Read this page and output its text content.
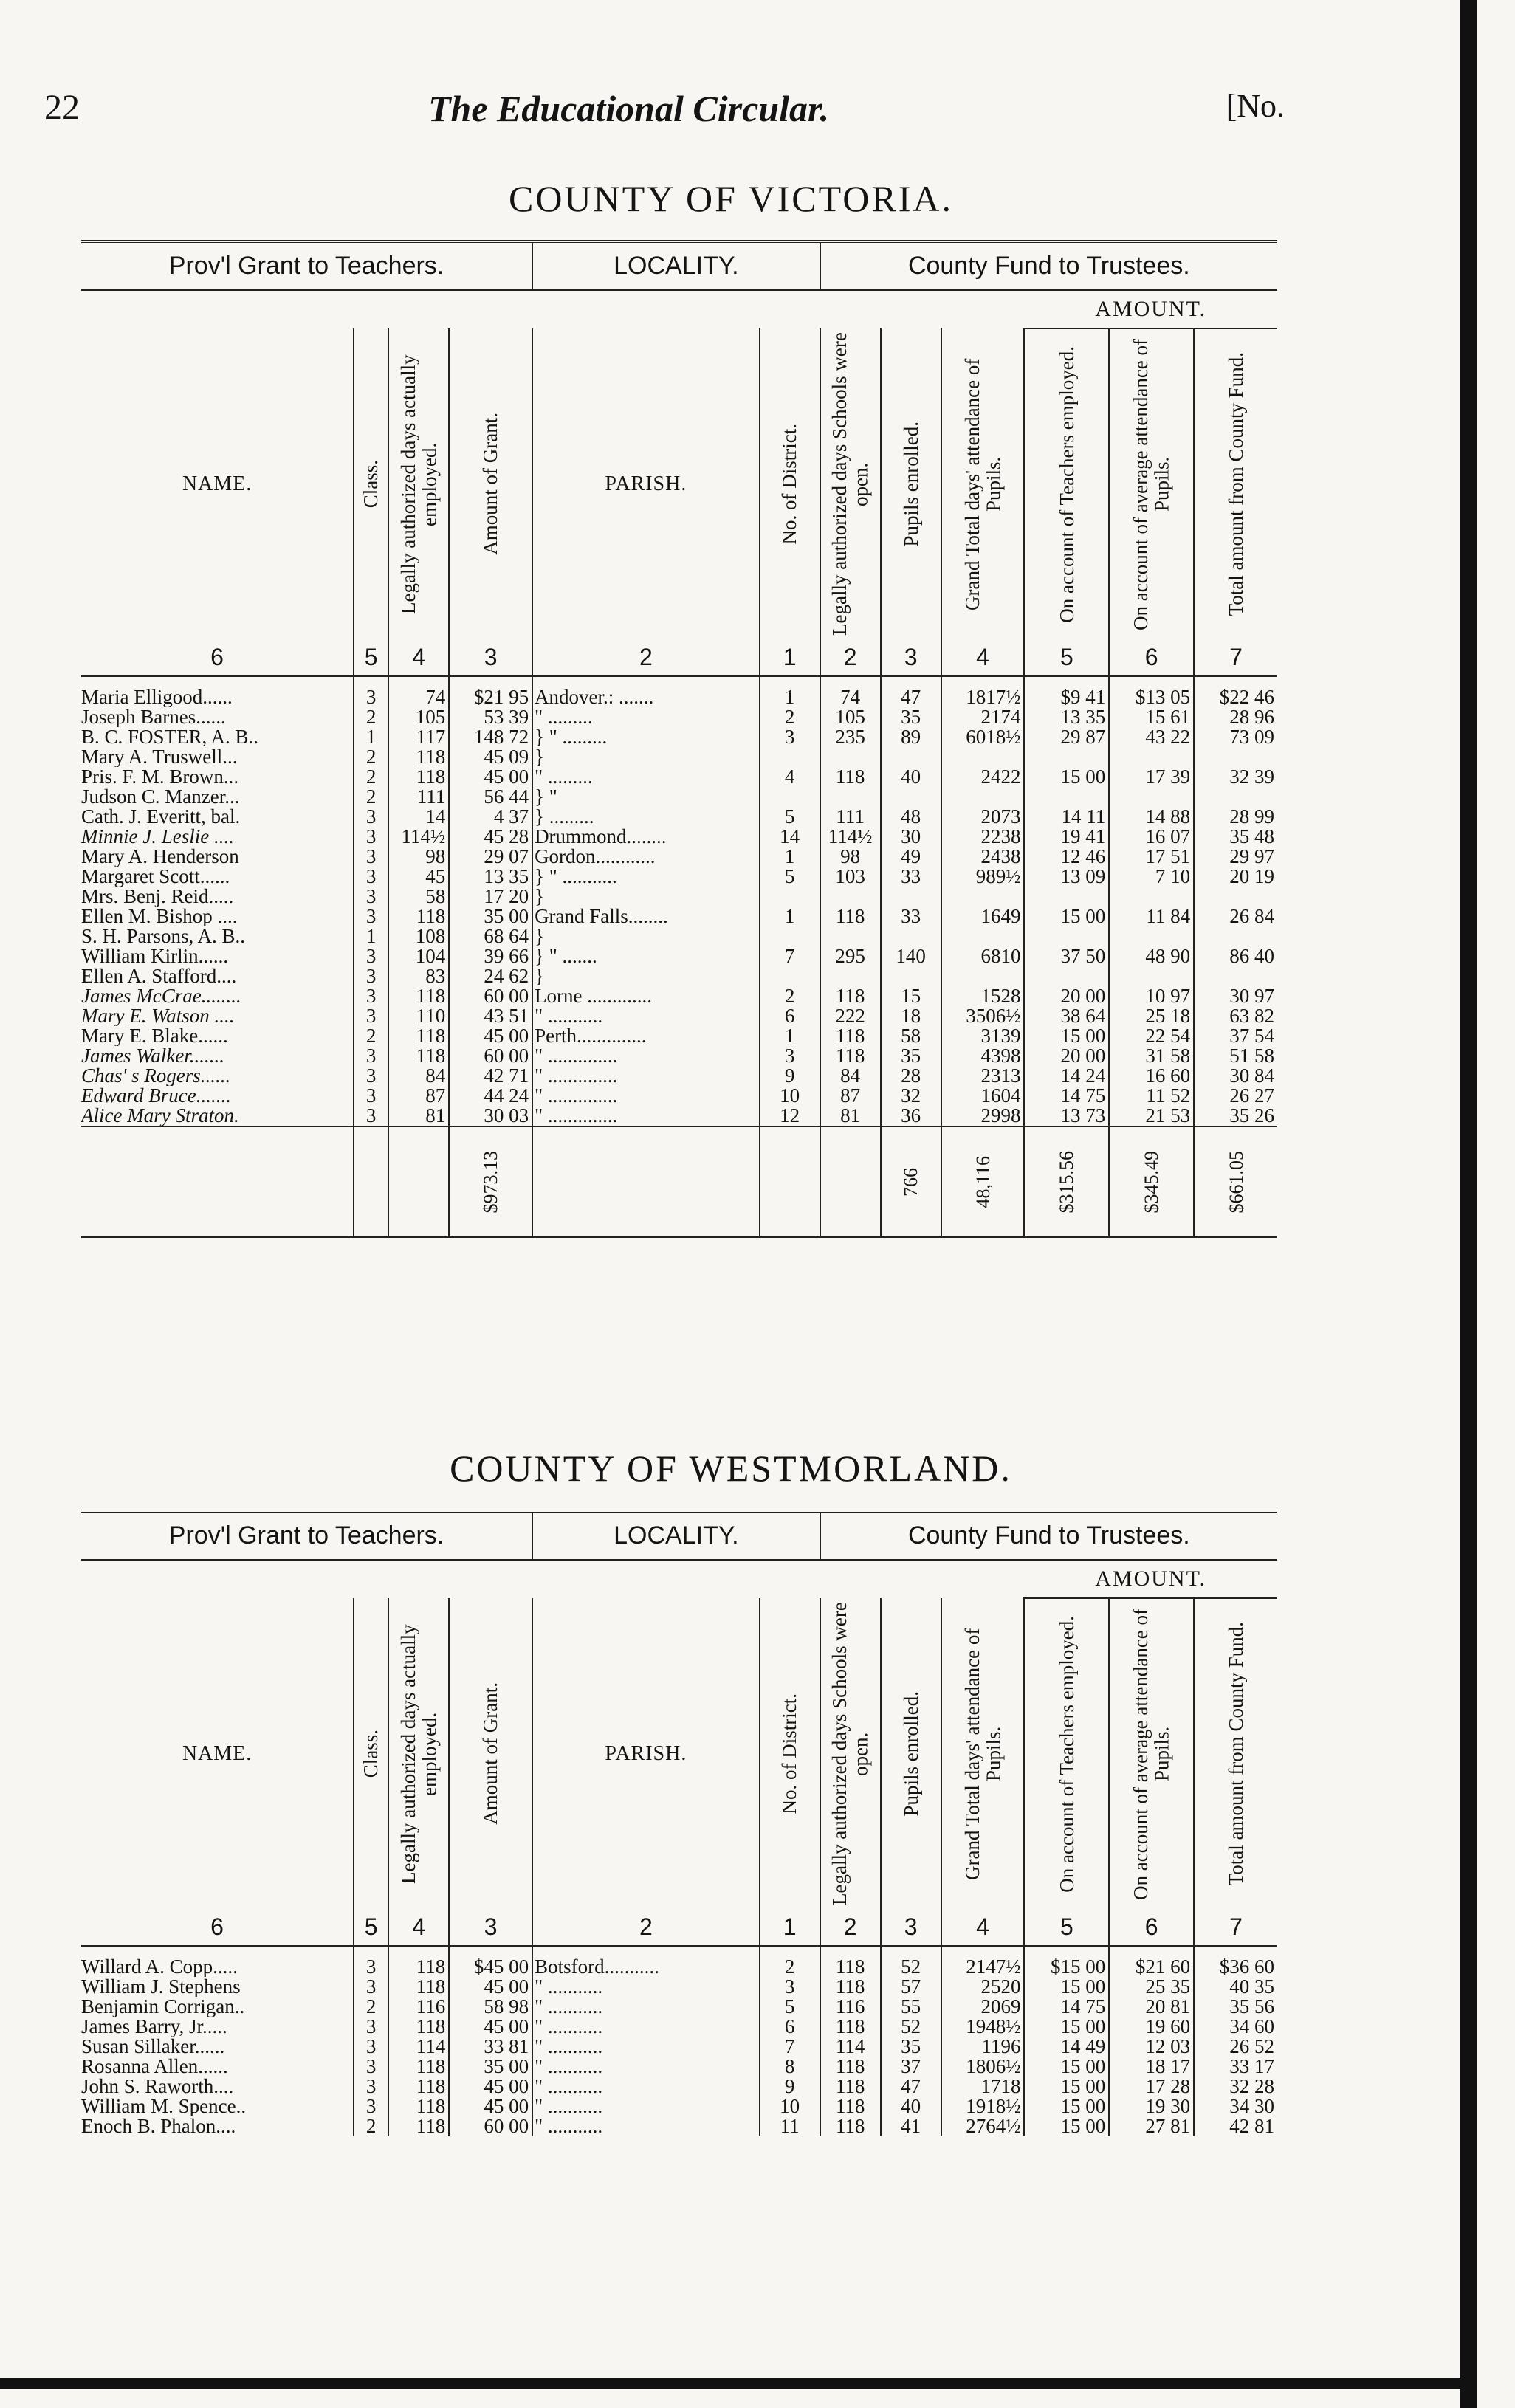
22	The Educational Circular.	[No.
COUNTY OF VICTORIA.
Prov'l Grant to Teachers.				LOCALITY.		County Fund to Trustees.					
									AMOUNT.		
NAME.	Class.	Legally authorized days actually employed.	Amount of Grant.	PARISH.	No. of District.	Legally authorized days Schools were open.	Pupils enrolled.	Grand Total days' attendance of Pupils.	On account of Teachers employed.	On account of average attendance of Pupils.	Total amount from County Fund.

6	5	4	3	2	1	2	3	4	5	6	7
Maria Elligood......	3	74	$21 95	Andover.: .......	1	74	47	1817½	$9 41	$13 05	$22 46
Joseph Barnes......	2	105	53 39	" .........	2	105	35	2174	13 35	15 61	28 96
B. C. FOSTER, A. B..	1	117	148 72	} " .........	3	235	89	6018½	29 87	43 22	73 09
Mary A. Truswell...	2	118	45 09	}							
Pris. F. M. Brown...	2	118	45 00	" .........	4	118	40	2422	15 00	17 39	32 39
Judson C. Manzer...	2	111	56 44	} "							
Cath. J. Everitt, bal.	3	14	4 37	} .........	5	111	48	2073	14 11	14 88	28 99
Minnie J. Leslie ....	3	114½	45 28	Drummond........	14	114½	30	2238	19 41	16 07	35 48
Mary A. Henderson	3	98	29 07	Gordon............	1	98	49	2438	12 46	17 51	29 97
Margaret Scott......	3	45	13 35	} " ...........	5	103	33	989½	13 09	7 10	20 19
Mrs. Benj. Reid.....	3	58	17 20	}							
Ellen M. Bishop ....	3	118	35 00	Grand Falls........	1	118	33	1649	15 00	11 84	26 84
S. H. Parsons, A. B..	1	108	68 64	}							
William Kirlin......	3	104	39 66	} " .......	7	295	140	6810	37 50	48 90	86 40
Ellen A. Stafford....	3	83	24 62	}							
James McCrae........	3	118	60 00	Lorne .............	2	118	15	1528	20 00	10 97	30 97
Mary E. Watson ....	3	110	43 51	" ...........	6	222	18	3506½	38 64	25 18	63 82
Mary E. Blake......	2	118	45 00	Perth..............	1	118	58	3139	15 00	22 54	37 54
James Walker.......	3	118	60 00	" ..............	3	118	35	4398	20 00	31 58	51 58
Chas' s Rogers......	3	84	42 71	" ..............	9	84	28	2313	14 24	16 60	30 84
Edward Bruce.......	3	87	44 24	" ..............	10	87	32	1604	14 75	11 52	26 27
Alice Mary Straton.	3	81	30 03	" ..............	12	81	36	2998	13 73	21 53	35 26

			$973.13				766	48,116	$315.56	$345.49	$661.05
COUNTY OF WESTMORLAND.
Prov'l Grant to Teachers.				LOCALITY.		County Fund to Trustees.					
									AMOUNT.		
NAME.	Class.	Legally authorized days actually employed.	Amount of Grant.	PARISH.	No. of District.	Legally authorized days Schools were open.	Pupils enrolled.	Grand Total days' attendance of Pupils.	On account of Teachers employed.	On account of average attendance of Pupils.	Total amount from County Fund.

6	5	4	3	2	1	2	3	4	5	6	7
Willard A. Copp.....	3	118	$45 00	Botsford...........	2	118	52	2147½	$15 00	$21 60	$36 60
William J. Stephens	3	118	45 00	" ...........	3	118	57	2520	15 00	25 35	40 35
Benjamin Corrigan..	2	116	58 98	" ...........	5	116	55	2069	14 75	20 81	35 56
James Barry, Jr.....	3	118	45 00	" ...........	6	118	52	1948½	15 00	19 60	34 60
Susan Sillaker......	3	114	33 81	" ...........	7	114	35	1196	14 49	12 03	26 52
Rosanna Allen......	3	118	35 00	" ...........	8	118	37	1806½	15 00	18 17	33 17
John S. Raworth....	3	118	45 00	" ...........	9	118	47	1718	15 00	17 28	32 28
William M. Spence..	3	118	45 00	" ...........	10	118	40	1918½	15 00	19 30	34 30
Enoch B. Phalon....	2	118	60 00	" ...........	11	118	41	2764½	15 00	27 81	42 81
